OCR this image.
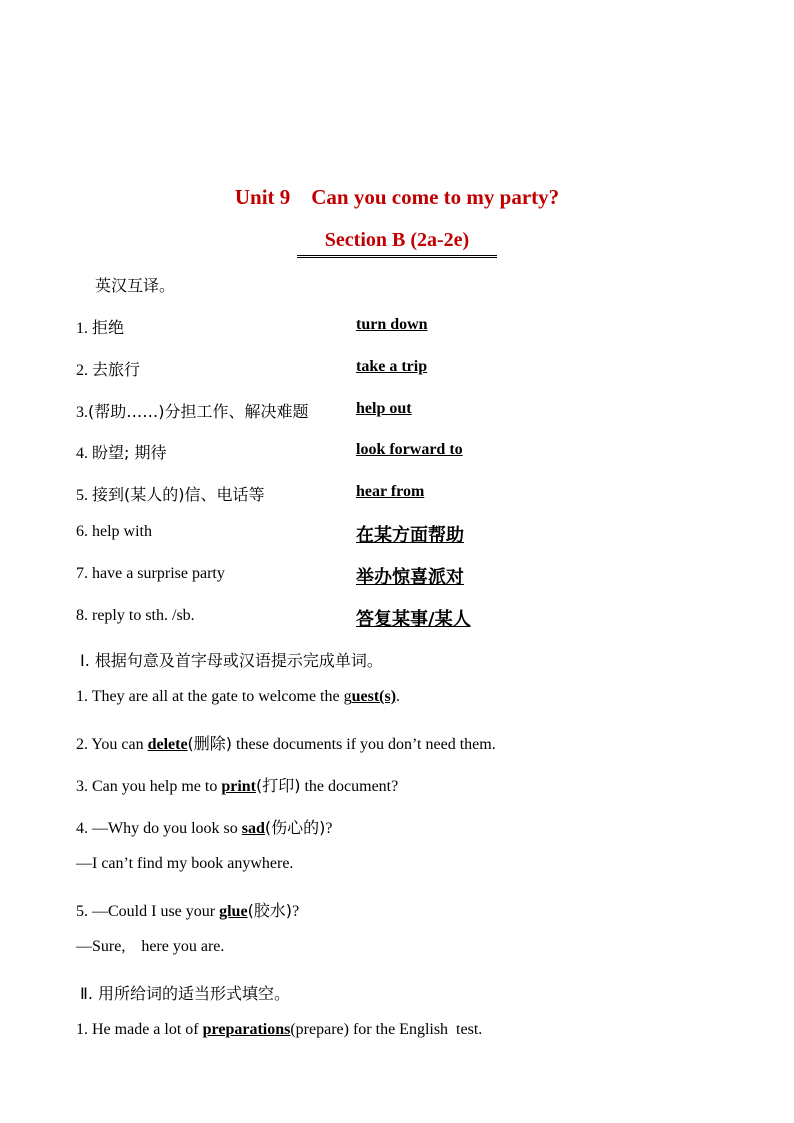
Unit 9    Can you come to my party?
Section B (2a-2e)
英汉互译。
1. 拒绝	turn down
2. 去旅行	take a trip
3.(帮助……)分担工作、解决难题	help out
4. 盼望; 期待	look forward to
5. 接到(某人的)信、电话等	hear from
6. help with	在某方面帮助
7. have a surprise party	举办惊喜派对
8. reply to sth. /sb.	答复某事/某人
Ⅰ. 根据句意及首字母或汉语提示完成单词。
1. They are all at the gate to welcome the guest(s).
2. You can delete(删除) these documents if you don’t need them.
3. Can you help me to print(打印) the document?
4. —Why do you look so sad(伤心的)?
—I can’t find my book anywhere.
5. —Could I use your glue(胶水)?
—Sure,    here you are.
Ⅱ. 用所给词的适当形式填空。
1. He made a lot of preparations(prepare) for the English  test.
